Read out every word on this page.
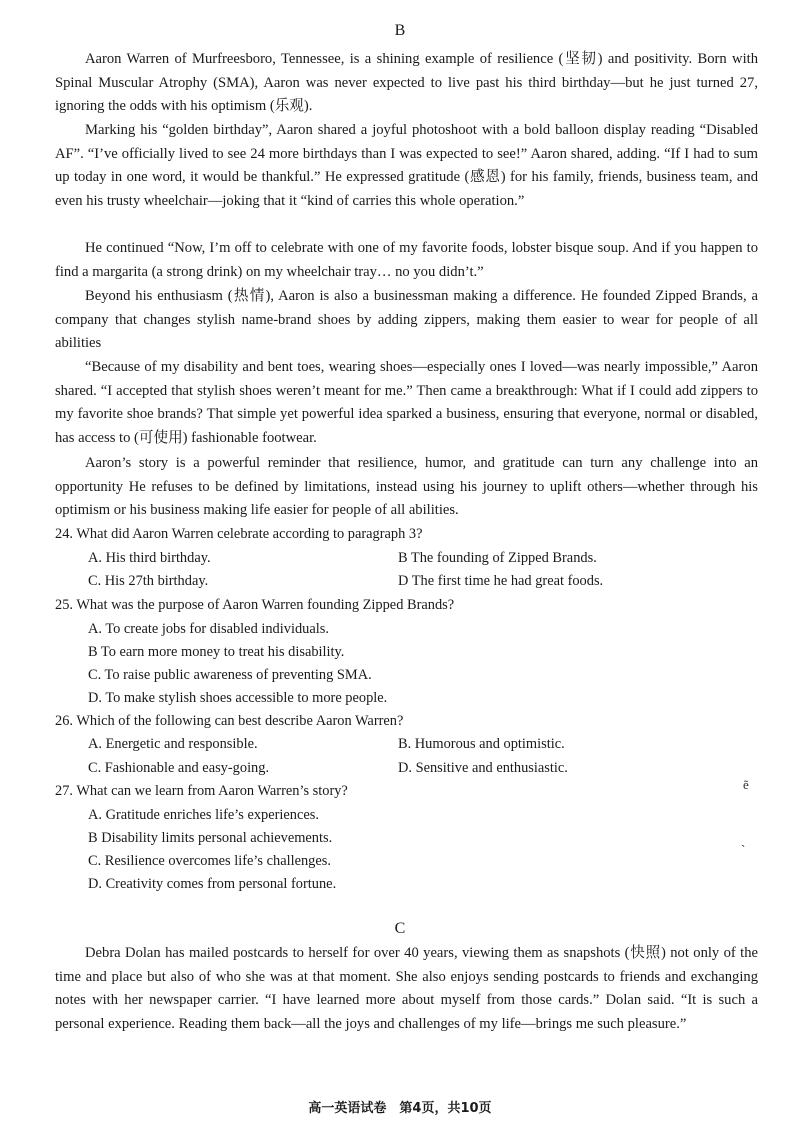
B

Aaron Warren of Murfreesboro, Tennessee, is a shining example of resilience (坚韧) and positivity. Born with Spinal Muscular Atrophy (SMA), Aaron was never expected to live past his third birthday—but he just turned 27, ignoring the odds with his optimism (乐观).

Marking his “golden birthday”, Aaron shared a joyful photoshoot with a bold balloon display reading “Disabled AF”. “I’ve officially lived to see 24 more birthdays than I was expected to see!” Aaron shared, adding. “If I had to sum up today in one word, it would be thankful.” He expressed gratitude (感恩) for his family, friends, business team, and even his trusty wheelchair—joking that it “kind of carries this whole operation.”

He continued “Now, I’m off to celebrate with one of my favorite foods, lobster bisque soup. And if you happen to find a margarita (a strong drink) on my wheelchair tray… no you didn’t.”

Beyond his enthusiasm (热情), Aaron is also a businessman making a difference. He founded Zipped Brands, a company that changes stylish name-brand shoes by adding zippers, making them easier to wear for people of all abilities

“Because of my disability and bent toes, wearing shoes—especially ones I loved—was nearly impossible,” Aaron shared. “I accepted that stylish shoes weren’t meant for me.” Then came a breakthrough: What if I could add zippers to my favorite shoe brands? That simple yet powerful idea sparked a business, ensuring that everyone, normal or disabled, has access to (可使用) fashionable footwear.

Aaron’s story is a powerful reminder that resilience, humor, and gratitude can turn any challenge into an opportunity He refuses to be defined by limitations, instead using his journey to uplift others—whether through his optimism or his business making life easier for people of all abilities.

24. What did Aaron Warren celebrate according to paragraph 3?
A. His third birthday.	B The founding of Zipped Brands.
C. His 27th birthday.	D The first time he had great foods.
25. What was the purpose of Aaron Warren founding Zipped Brands?
A. To create jobs for disabled individuals.
B To earn more money to treat his disability.
C. To raise public awareness of preventing SMA.
D. To make stylish shoes accessible to more people.
26. Which of the following can best describe Aaron Warren?
A. Energetic and responsible.	B. Humorous and optimistic.
C. Fashionable and easy-going.	D. Sensitive and enthusiastic.
27. What can we learn from Aaron Warren’s story?
A. Gratitude enriches life’s experiences.
B Disability limits personal achievements.
C. Resilience overcomes life’s challenges.
D. Creativity comes from personal fortune.
ẽ
ˋ
C

Debra Dolan has mailed postcards to herself for over 40 years, viewing them as snapshots (快照) not only of the time and place but also of who she was at that moment. She also enjoys sending postcards to friends and exchanging notes with her newspaper carrier. “I have learned more about myself from those cards.” Dolan said. “It is such a personal experience. Reading them back—all the joys and challenges of my life—brings me such pleasure.”

高一英语试卷　第4页，共10页
